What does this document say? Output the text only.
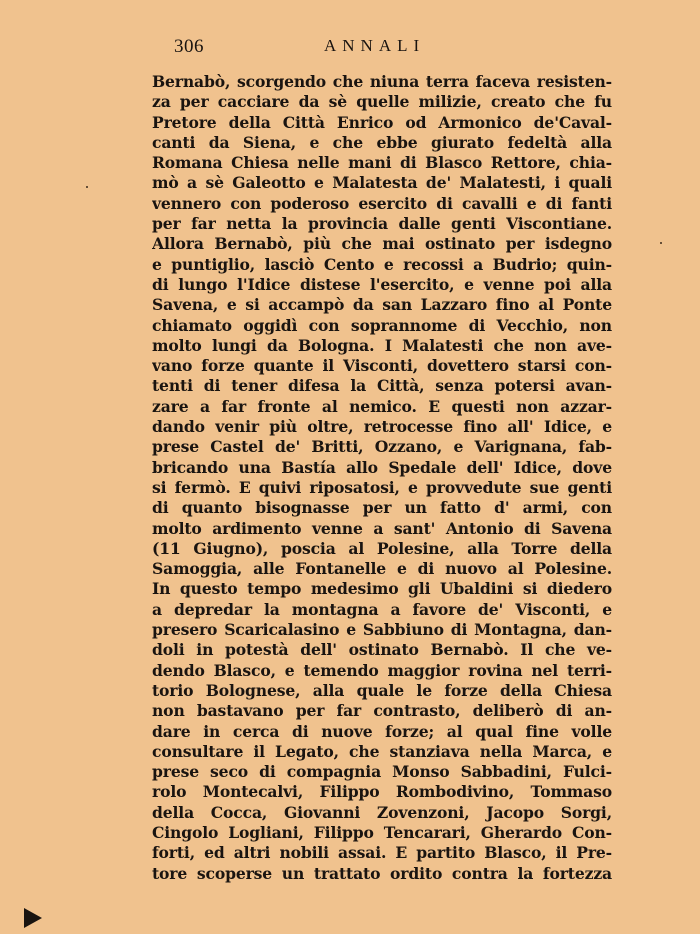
306	ANNALI
Bernabò, scorgendo che niuna terra faceva resisten-
za per cacciare da sè quelle milizie, creato che fu
Pretore della Città Enrico od Armonico de'Caval-
canti da Siena, e che ebbe giurato fedeltà alla
Romana Chiesa nelle mani di Blasco Rettore, chia-
mò a sè Galeotto e Malatesta de' Malatesti, i quali
vennero con poderoso esercito di cavalli e di fanti
per far netta la provincia dalle genti Viscontiane.
Allora Bernabò, più che mai ostinato per isdegno
e puntiglio, lasciò Cento e recossi a Budrio; quin-
di lungo l'Idice distese l'esercito, e venne poi alla
Savena, e si accampò da san Lazzaro fino al Ponte
chiamato oggidì con soprannome di Vecchio, non
molto lungi da Bologna. I Malatesti che non ave-
vano forze quante il Visconti, dovettero starsi con-
tenti di tener difesa la Città, senza potersi avan-
zare a far fronte al nemico. E questi non azzar-
dando venir più oltre, retrocesse fino all' Idice, e
prese Castel de' Britti, Ozzano, e Varignana, fab-
bricando una Bastía allo Spedale dell' Idice, dove
si fermò. E quivi riposatosi, e provvedute sue genti
di quanto bisognasse per un fatto d' armi, con
molto ardimento venne a sant' Antonio di Savena
(11 Giugno), poscia al Polesine, alla Torre della
Samoggia, alle Fontanelle e di nuovo al Polesine.
In questo tempo medesimo gli Ubaldini si diedero
a depredar la montagna a favore de' Visconti, e
presero Scaricalasino e Sabbiuno di Montagna, dan-
doli in potestà dell' ostinato Bernabò. Il che ve-
dendo Blasco, e temendo maggior rovina nel terri-
torio Bolognese, alla quale le forze della Chiesa
non bastavano per far contrasto, deliberò di an-
dare in cerca di nuove forze; al qual fine volle
consultare il Legato, che stanziava nella Marca, e
prese seco di compagnia Monso Sabbadini, Fulci-
rolo Montecalvi, Filippo Rombodivino, Tommaso
della Cocca, Giovanni Zovenzoni, Jacopo Sorgi,
Cingolo Logliani, Filippo Tencarari, Gherardo Con-
forti, ed altri nobili assai. E partito Blasco, il Pre-
tore scoperse un trattato ordito contra la fortezza
